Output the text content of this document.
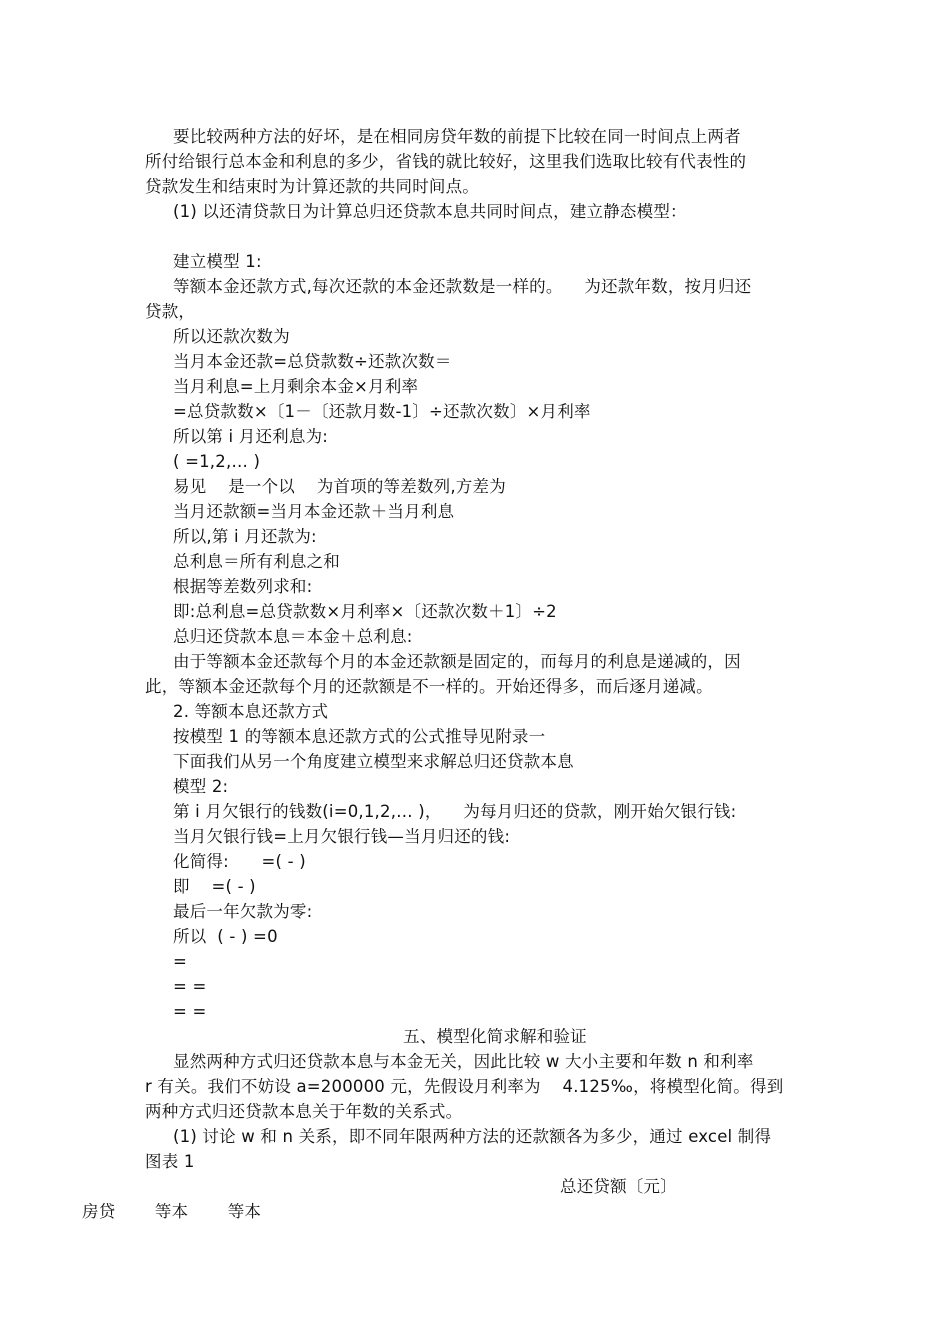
要比较两种方法的好坏，是在相同房贷年数的前提下比较在同一时间点上两者
所付给银行总本金和利息的多少，省钱的就比较好，这里我们选取比较有代表性的
贷款发生和结束时为计算还款的共同时间点。
(1) 以还清贷款日为计算总归还贷款本息共同时间点，建立静态模型：
建立模型 1:
等额本金还款方式,每次还款的本金还款数是一样的。    为还款年数，按月归还
贷款，
所以还款次数为
当月本金还款=总贷款数÷还款次数＝
当月利息=上月剩余本金×月利率
=总贷款数×〔1－〔还款月数-1〕÷还款次数〕×月利率
所以第 i 月还利息为:
( =1,2,… )
易见    是一个以    为首项的等差数列,方差为
当月还款额=当月本金还款＋当月利息
所以,第 i 月还款为:
总利息＝所有利息之和
根据等差数列求和:
即:总利息=总贷款数×月利率×〔还款次数＋1〕÷2
总归还贷款本息＝本金＋总利息:
由于等额本金还款每个月的本金还款额是固定的，而每月的利息是递减的，因
此，等额本金还款每个月的还款额是不一样的。开始还得多，而后逐月递减。
2. 等额本息还款方式
按模型 1 的等额本息还款方式的公式推导见附录一
下面我们从另一个角度建立模型来求解总归还贷款本息
模型 2:
第 i 月欠银行的钱数(i=0,1,2,… )，    为每月归还的贷款，刚开始欠银行钱:
当月欠银行钱=上月欠银行钱—当月归还的钱:
化简得:      =( - )
即    =( - )
最后一年欠款为零:
所以  ( - ) =0
=
= =
= =
五、模型化简求解和验证
显然两种方式归还贷款本息与本金无关，因此比较 w 大小主要和年数 n 和利率
r 有关。我们不妨设 a=200000 元，先假设月利率为    4.125‰，将模型化简。得到
两种方式归还贷款本息关于年数的关系式。
(1) 讨论 w 和 n 关系，即不同年限两种方法的还款额各为多少，通过 excel 制得
图表 1
总还贷额〔元〕
房贷 等本 等本
